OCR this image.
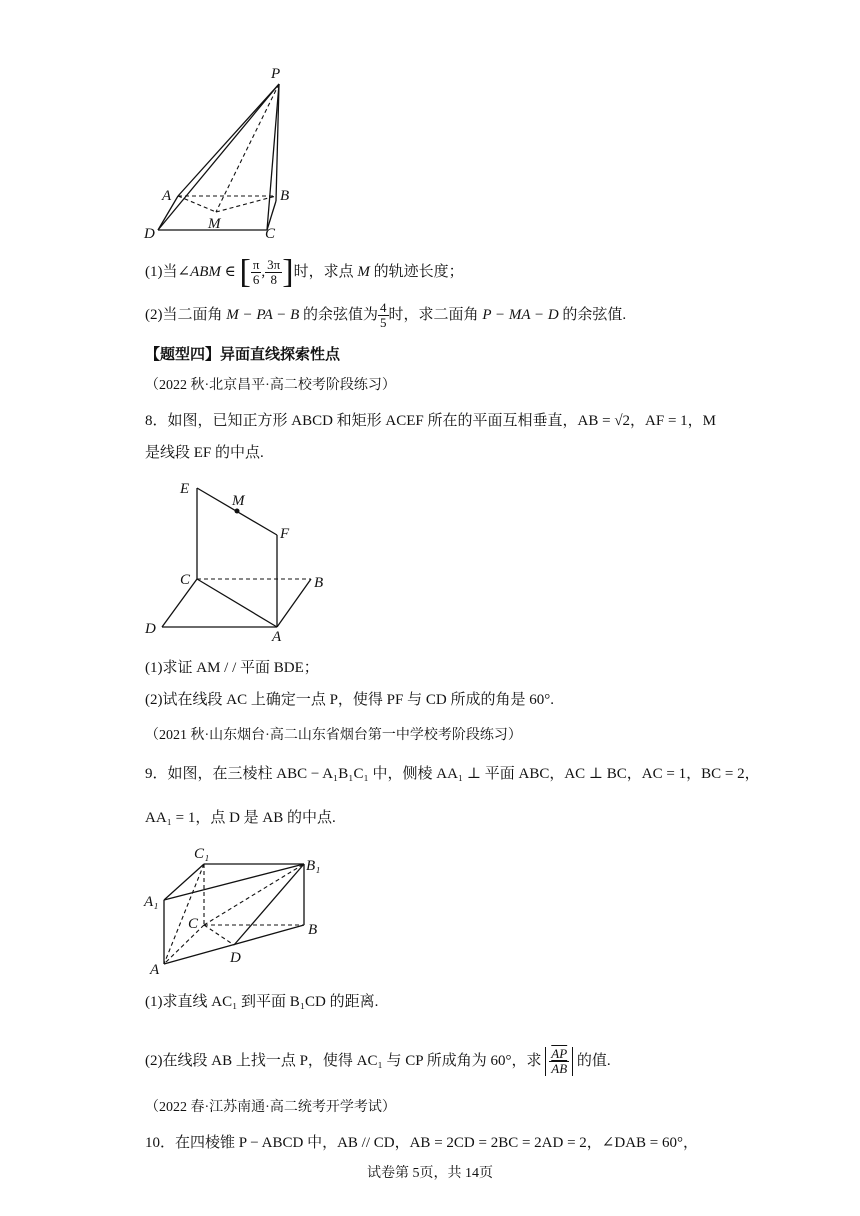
P
A	B
D
M
C
(1)当∠ABM ∈ [ $\frac{\pi}{6}$ , $\frac{3\pi}{8}$ ]时，求点 M 的轨迹长度；
(2)当二面角 M − PA − B 的余弦值为 $\frac{4}{5}$ 时，求二面角 P − MA − D 的余弦值.
【题型四】异面直线探索性点
（2022 秋·北京昌平·高二校考阶段练习）
8．如图，已知正方形 ABCD 和矩形 ACEF 所在的平面互相垂直，AB = √2，AF = 1，M
是线段 EF 的中点.
E
M
F
C	B
D	A
(1)求证 AM / / 平面 BDE；
(2)试在线段 AC 上确定一点 P，使得 PF 与 CD 所成的角是 60°.
（2021 秋·山东烟台·高二山东省烟台第一中学校考阶段练习）
9．如图，在三棱柱 ABC − A₁B₁C₁ 中，侧棱 AA₁ ⊥ 平面 ABC，AC ⊥ BC，AC = 1，BC = 2，
AA₁ = 1，点 D 是 AB 的中点.
C₁
B₁
A₁
C	B
D
A
(1)求直线 AC₁ 到平面 B₁CD 的距离.
(2)在线段 AB 上找一点 P，使得 AC₁ 与 CP 所成角为 60°，求 $\frac{\overline{AP}}{AB}$ 的值.
（2022 春·江苏南通·高二统考开学考试）
10．在四棱锥 P − ABCD 中，AB // CD，AB = 2CD = 2BC = 2AD = 2，∠DAB = 60°，
试卷第 5页，共 14页
